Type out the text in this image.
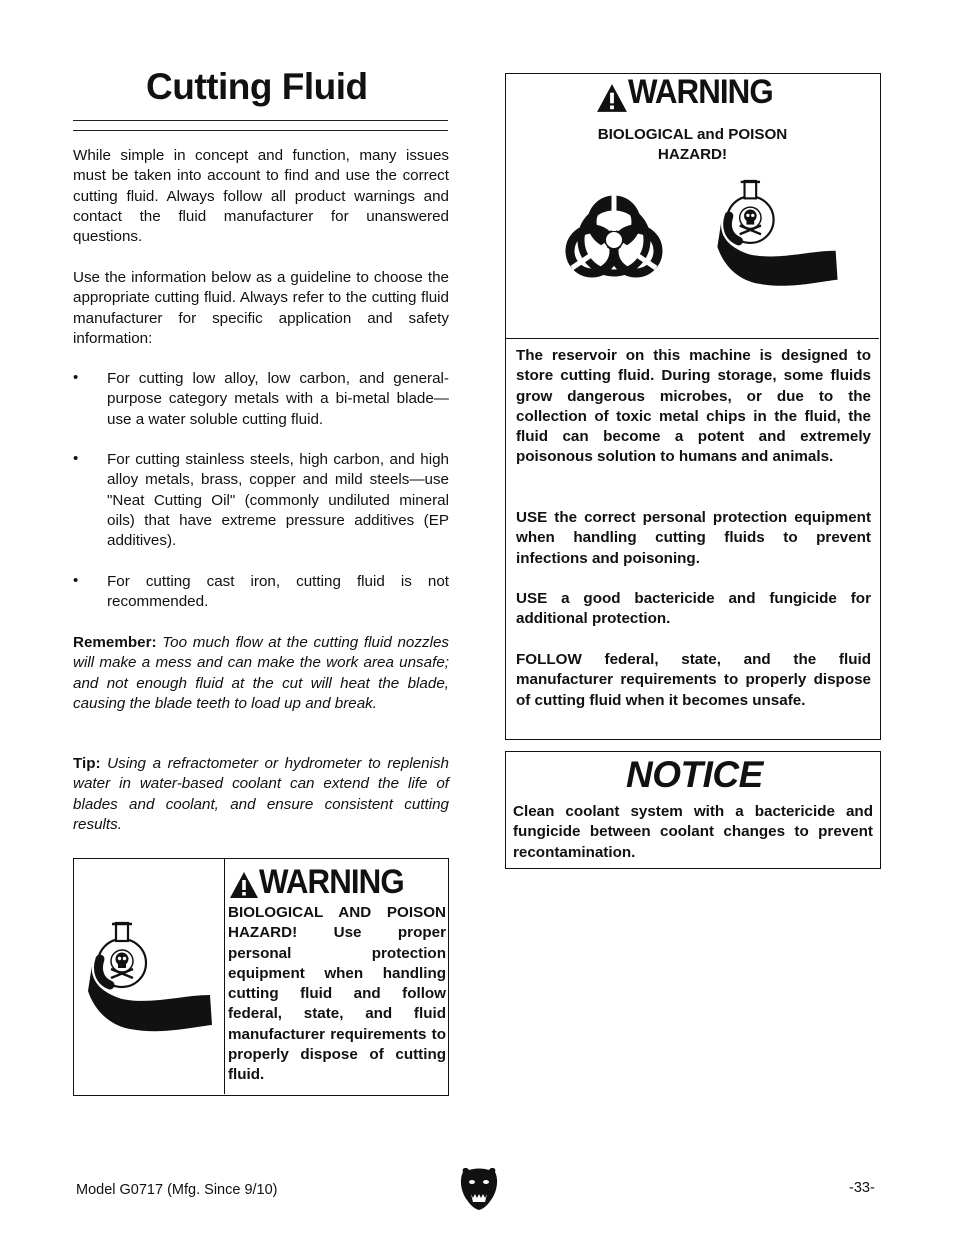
Cutting Fluid
While simple in concept and function, many issues must be taken into account to find and use the correct cutting fluid. Always follow all product warnings and contact the fluid manufacturer for unanswered questions.
Use the information below as a guideline to choose the appropriate cutting fluid. Always refer to the cutting fluid manufacturer for specific application and safety information:
• For cutting low alloy, low carbon, and general-purpose category metals with a bi-metal blade—use a water soluble cutting fluid.
• For cutting stainless steels, high carbon, and high alloy metals, brass, copper and mild steels—use "Neat Cutting Oil" (commonly undiluted mineral oils) that have extreme pressure additives (EP additives).
• For cutting cast iron, cutting fluid is not recommended.
Remember: Too much flow at the cutting fluid nozzles will make a mess and can make the work area unsafe; and not enough fluid at the cut will heat the blade, causing the blade teeth to load up and break.
Tip: Using a refractometer or hydrometer to replenish water in water-based coolant can extend the life of blades and coolant, and ensure consistent cutting results.
WARNING
BIOLOGICAL AND POISON HAZARD! Use proper personal protection equipment when handling cutting fluid and follow federal, state, and fluid manufacturer requirements to properly dispose of cutting fluid.
WARNING
BIOLOGICAL and POISON
HAZARD!
The reservoir on this machine is designed to store cutting fluid. During storage, some fluids grow dangerous microbes, or due to the collection of toxic metal chips in the fluid, the fluid can become a potent and extremely poisonous solution to humans and animals.
USE the correct personal protection equipment when handling cutting fluids to prevent infections and poisoning.
USE a good bactericide and fungicide for additional protection.
FOLLOW federal, state, and the fluid manufacturer requirements to properly dispose of cutting fluid when it becomes unsafe.
NOTICE
Clean coolant system with a bactericide and fungicide between coolant changes to prevent recontamination.
Model G0717 (Mfg. Since 9/10)	-33-
